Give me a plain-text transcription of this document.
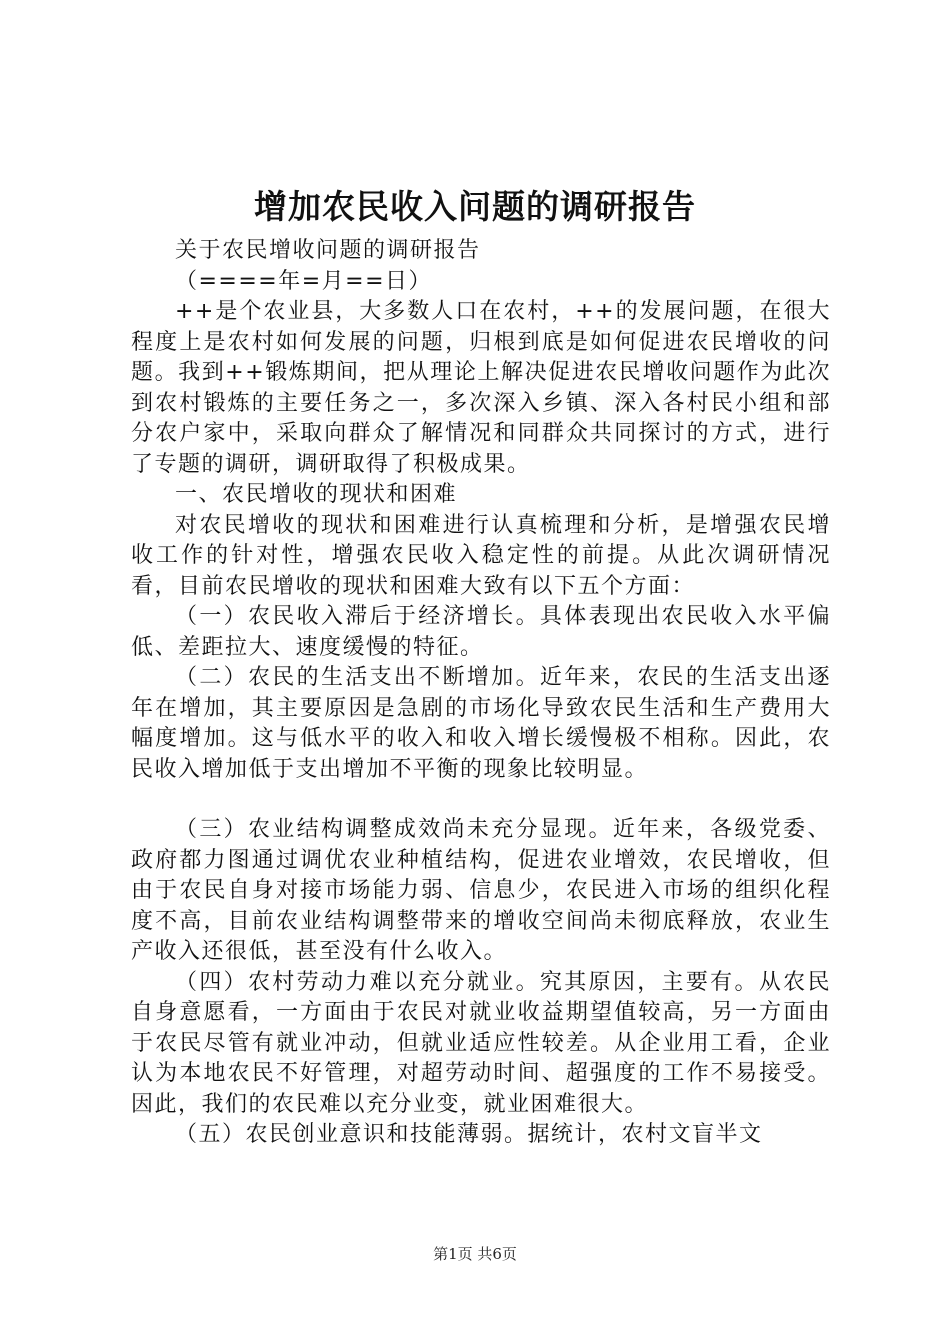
增加农民收入问题的调研报告

关于农民增收问题的调研报告

（====年=月==日）

++是个农业县，大多数人口在农村，++的发展问题，在很大程度上是农村如何发展的问题，归根到底是如何促进农民增收的问题。我到++锻炼期间，把从理论上解决促进农民增收问题作为此次到农村锻炼的主要任务之一，多次深入乡镇、深入各村民小组和部分农户家中，采取向群众了解情况和同群众共同探讨的方式，进行了专题的调研，调研取得了积极成果。

一、农民增收的现状和困难

对农民增收的现状和困难进行认真梳理和分析，是增强农民增收工作的针对性，增强农民收入稳定性的前提。从此次调研情况看，目前农民增收的现状和困难大致有以下五个方面：

（一）农民收入滞后于经济增长。具体表现出农民收入水平偏低、差距拉大、速度缓慢的特征。

（二）农民的生活支出不断增加。近年来，农民的生活支出逐年在增加，其主要原因是急剧的市场化导致农民生活和生产费用大幅度增加。这与低水平的收入和收入增长缓慢极不相称。因此，农民收入增加低于支出增加不平衡的现象比较明显。

（三）农业结构调整成效尚未充分显现。近年来，各级党委、政府都力图通过调优农业种植结构，促进农业增效，农民增收，但由于农民自身对接市场能力弱、信息少，农民进入市场的组织化程度不高，目前农业结构调整带来的增收空间尚未彻底释放，农业生产收入还很低，甚至没有什么收入。

（四）农村劳动力难以充分就业。究其原因，主要有。从农民自身意愿看，一方面由于农民对就业收益期望值较高，另一方面由于农民尽管有就业冲动，但就业适应性较差。从企业用工看，企业认为本地农民不好管理，对超劳动时间、超强度的工作不易接受。因此，我们的农民难以充分业变，就业困难很大。

（五）农民创业意识和技能薄弱。据统计，农村文盲半文

第1页 共6页
